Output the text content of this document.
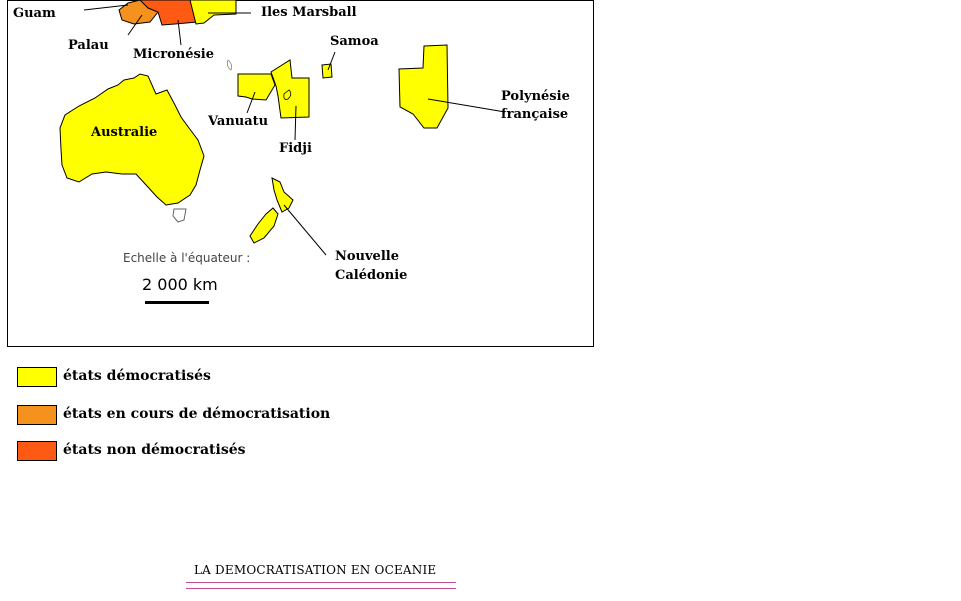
Guam
Palau
Micronésie
Iles Marsball
Samoa
Australie
Vanuatu
Fidji
Polynésie
française
Nouvelle
Calédonie
Echelle à l'équateur :
2 000 km
états démocratisés
états en cours de démocratisation
états non démocratisés
LA DEMOCRATISATION EN OCEANIE
